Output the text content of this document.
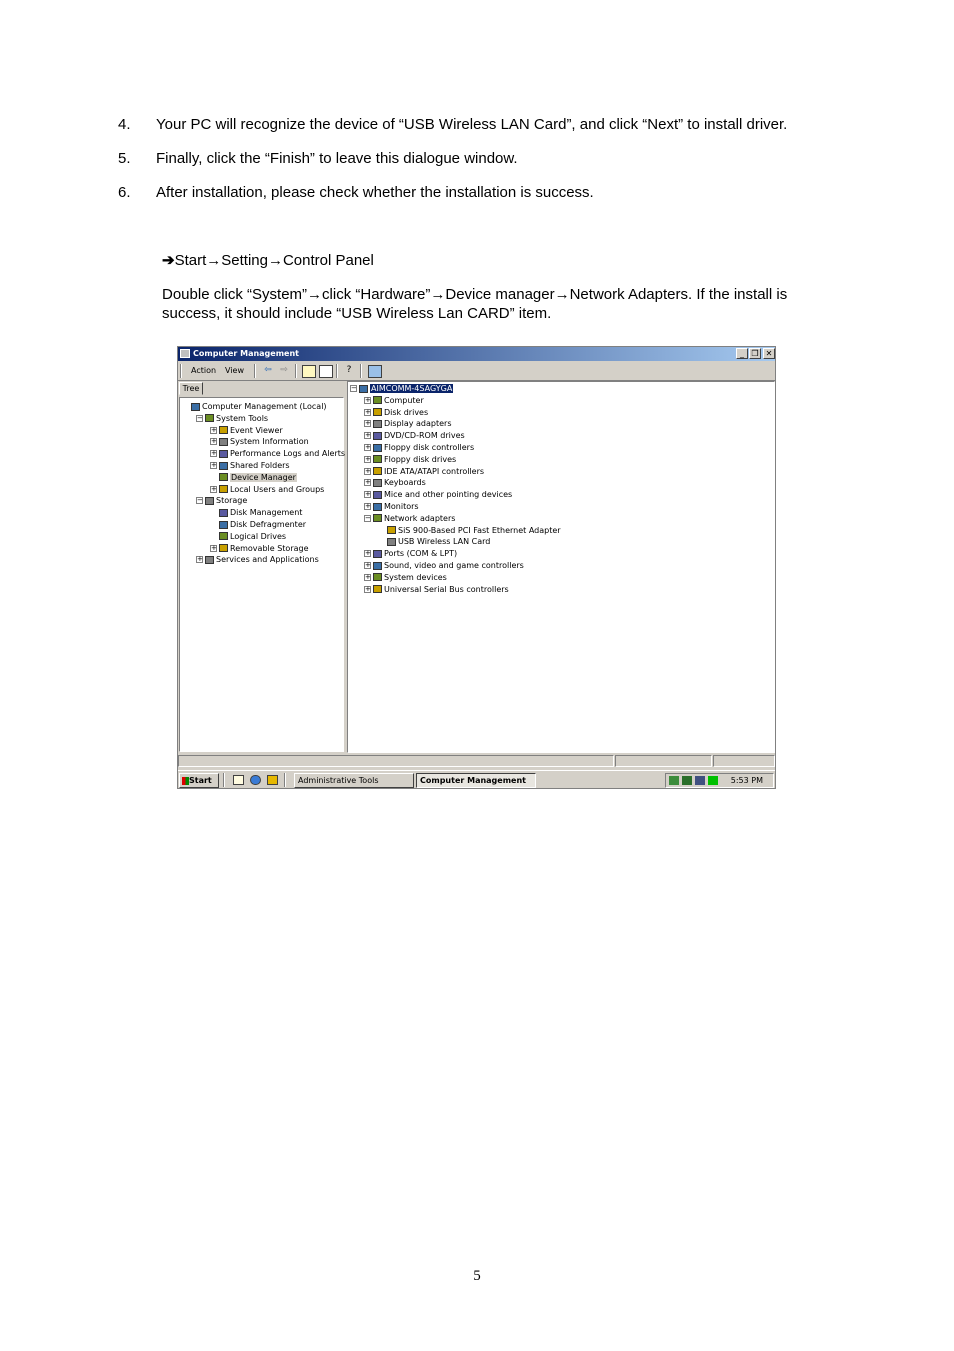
4.	Your PC will recognize the device of “USB Wireless LAN Card”, and click “Next” to install driver.
5.	Finally, click the “Finish” to leave this dialogue window.
6.	After installation, please check whether the installation is success.
➔Start→Setting→Control Panel
Double click “System”→click “Hardware”→Device manager→Network Adapters. If the install is success, it should include “USB Wireless Lan CARD” item.
Computer Management	_ ❒ ✕
Action View ⇦ ⇨	?
Tree
Computer Management (Local)
− System Tools
+ Event Viewer
+ System Information
+ Performance Logs and Alerts
+ Shared Folders
Device Manager
+ Local Users and Groups
− Storage
Disk Management
Disk Defragmenter
Logical Drives
+ Removable Storage
+ Services and Applications
− AIMCOMM-4SAGYGA
+ Computer
+ Disk drives
+ Display adapters
+ DVD/CD-ROM drives
+ Floppy disk controllers
+ Floppy disk drives
+ IDE ATA/ATAPI controllers
+ Keyboards
+ Mice and other pointing devices
+ Monitors
− Network adapters
SiS 900-Based PCI Fast Ethernet Adapter
USB Wireless LAN Card
+ Ports (COM & LPT)
+ Sound, video and game controllers
+ System devices
+ Universal Serial Bus controllers
Start	Administrative Tools	Computer Management	5:53 PM
5
